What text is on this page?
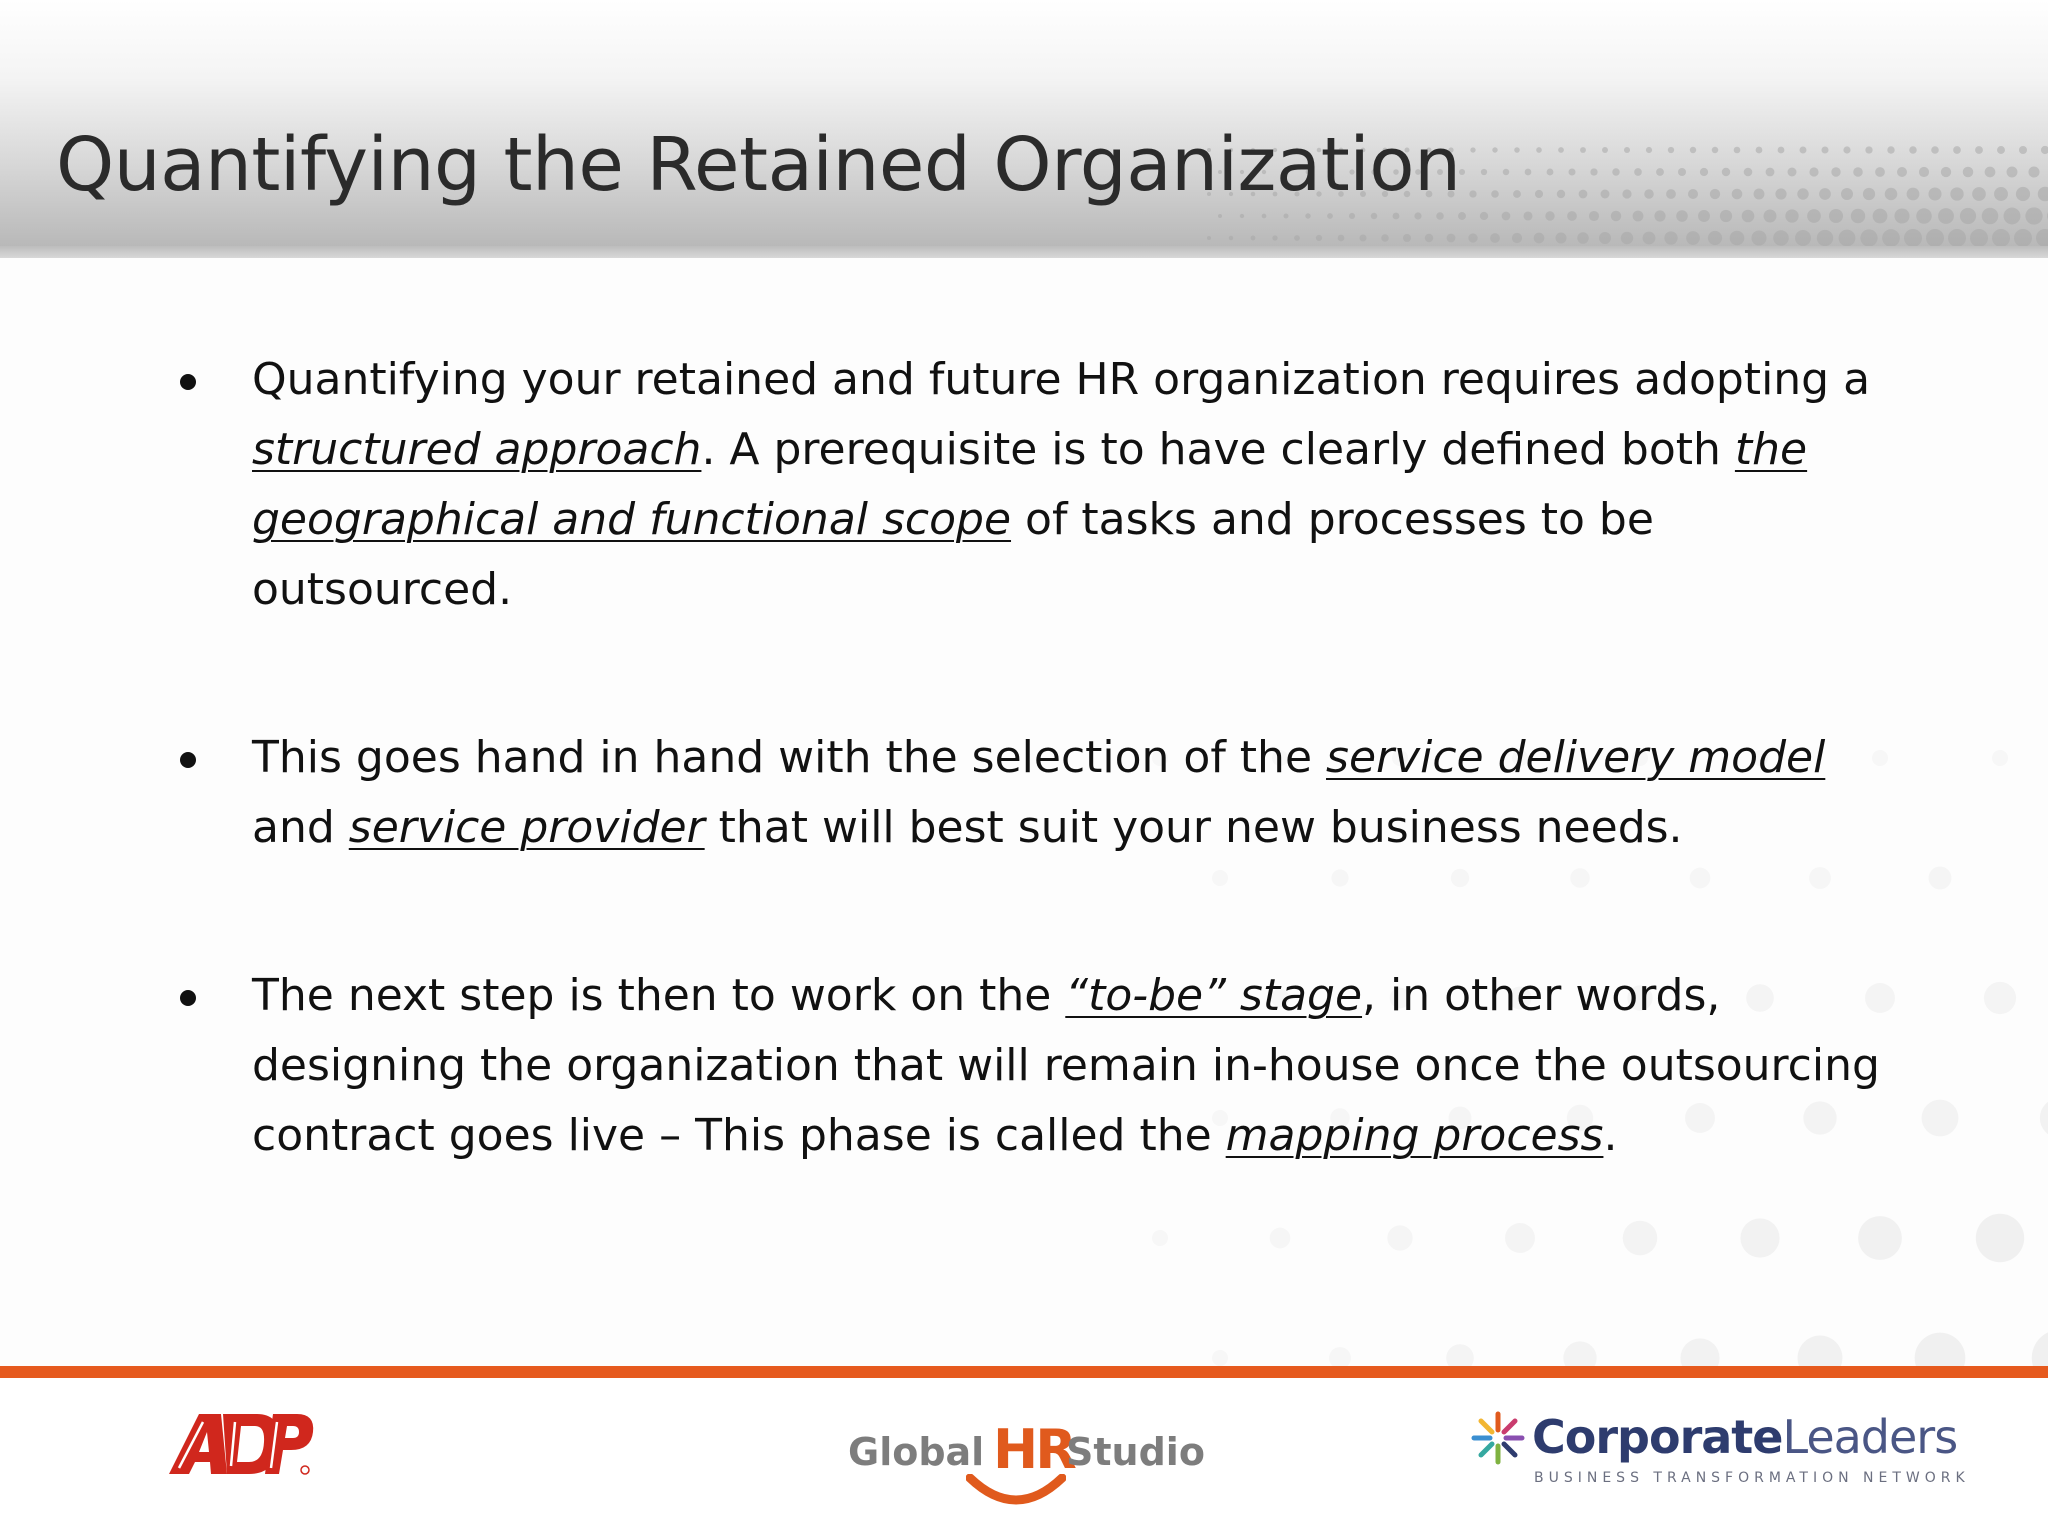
Quantifying the Retained Organization
Quantifying your retained and future HR organization requires adopting a structured approach. A prerequisite is to have clearly defined both the geographical and functional scope of tasks and processes to be outsourced.
This goes hand in hand with the selection of the service delivery model and service provider that will best suit your new business needs.
The next step is then to work on the “to-be” stage, in other words, designing the organization that will remain in-house once the outsourcing contract goes live – This phase is called the mapping process.
Global HR
Studio	CorporateLeaders
BUSINESS TRANSFORMATION NETWORK
